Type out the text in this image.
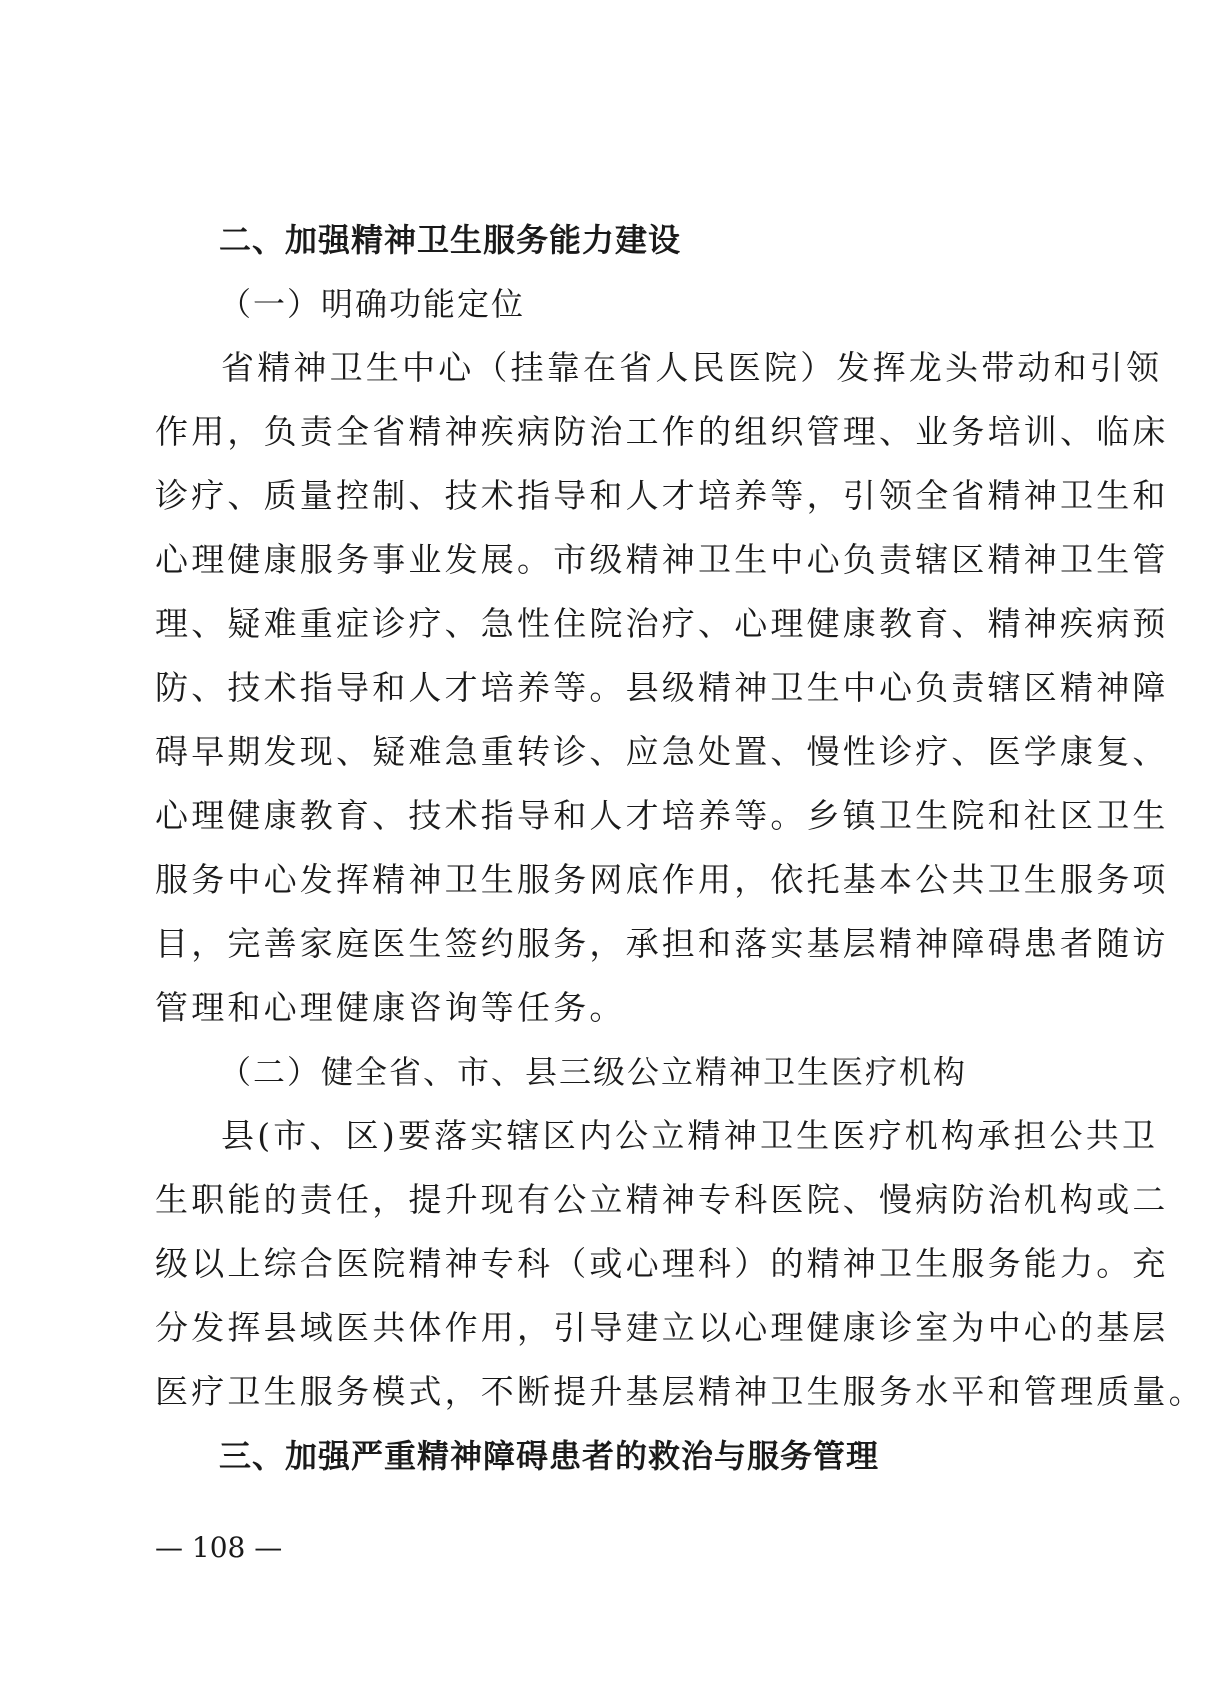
二、加强精神卫生服务能力建设
（一）明确功能定位
省精神卫生中心（挂靠在省人民医院）发挥龙头带动和引领
作用，负责全省精神疾病防治工作的组织管理、业务培训、临床
诊疗、质量控制、技术指导和人才培养等，引领全省精神卫生和
心理健康服务事业发展。市级精神卫生中心负责辖区精神卫生管
理、疑难重症诊疗、急性住院治疗、心理健康教育、精神疾病预
防、技术指导和人才培养等。县级精神卫生中心负责辖区精神障
碍早期发现、疑难急重转诊、应急处置、慢性诊疗、医学康复、
心理健康教育、技术指导和人才培养等。乡镇卫生院和社区卫生
服务中心发挥精神卫生服务网底作用，依托基本公共卫生服务项
目，完善家庭医生签约服务，承担和落实基层精神障碍患者随访
管理和心理健康咨询等任务。
（二）健全省、市、县三级公立精神卫生医疗机构
县(市、区)要落实辖区内公立精神卫生医疗机构承担公共卫
生职能的责任，提升现有公立精神专科医院、慢病防治机构或二
级以上综合医院精神专科（或心理科）的精神卫生服务能力。充
分发挥县域医共体作用，引导建立以心理健康诊室为中心的基层
医疗卫生服务模式，不断提升基层精神卫生服务水平和管理质量。
三、加强严重精神障碍患者的救治与服务管理
— 108 —
